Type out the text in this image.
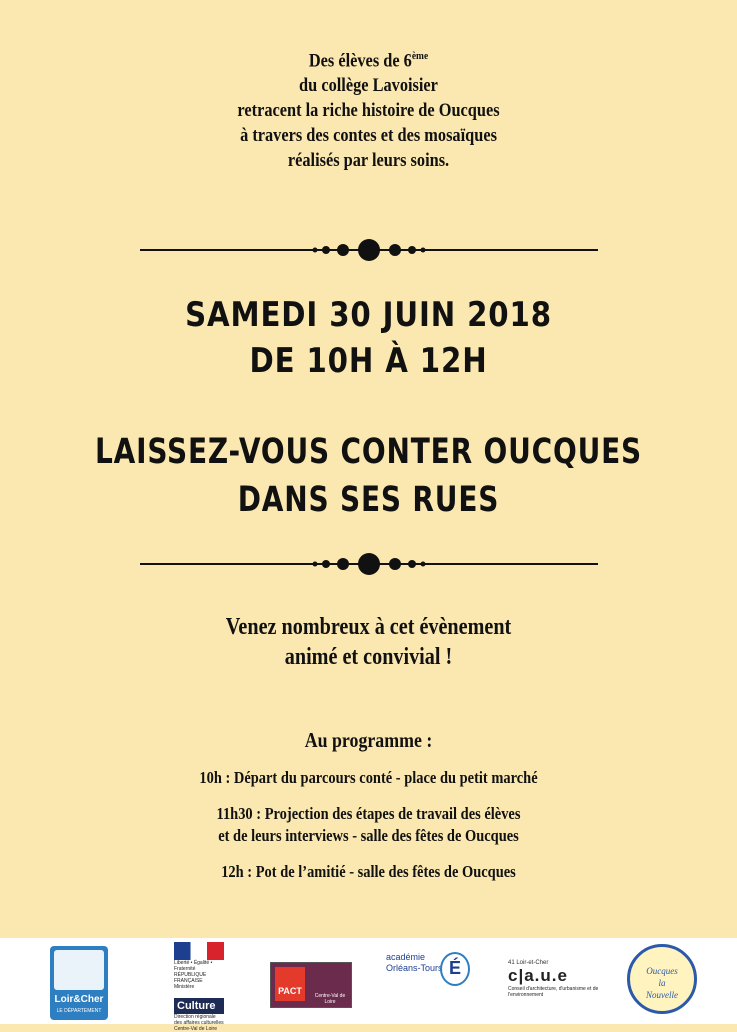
Des élèves de 6ème
du collège Lavoisier
retracent la riche histoire de Oucques
à travers des contes et des mosaïques
réalisés par leurs soins.
SAMEDI 30 JUIN 2018
DE 10H À 12H
LAISSEZ-VOUS CONTER OUCQUES
DANS SES RUES
Venez nombreux à cet évènement
animé et convivial !
Au programme :
10h : Départ du parcours conté - place du petit marché
11h30 : Projection des étapes de travail des élèves
et de leurs interviews - salle des fêtes de Oucques
12h : Pot de l’amitié - salle des fêtes de Oucques
Loir&Cher
LE DÉPARTEMENT
Liberté • Égalité • Fraternité
RÉPUBLIQUE FRANÇAISE
Ministère
Culture
Direction régionale
des affaires culturelles
Centre-Val de Loire
PACT	Centre-Val de Loire
académie
Orléans-Tours É	41 Loir-et-Cher
c|a.u.e
Conseil d'architecture, d'urbanisme et de l'environnement
Oucques
la
Nouvelle
